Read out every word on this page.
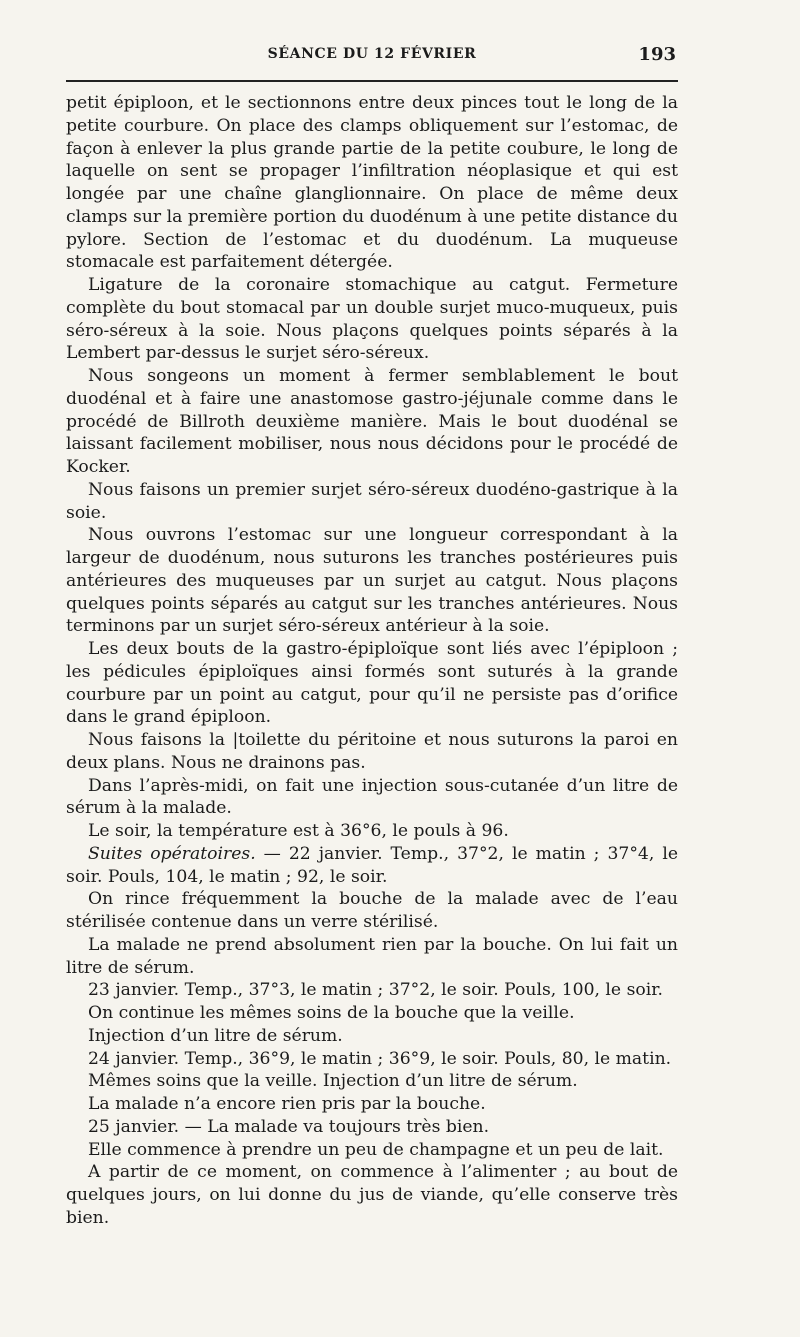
SÉANCE DU 12 FÉVRIER	193

petit épiploon, et le sectionnons entre deux pinces tout le long de la petite courbure. On place des clamps obliquement sur l’estomac, de façon à enlever la plus grande partie de la petite coubure, le long de laquelle on sent se propager l’infiltration néoplasique et qui est longée par une chaîne glanglionnaire. On place de même deux clamps sur la première portion du duodénum à une petite distance du pylore. Section de l’estomac et du duodénum. La muqueuse stomacale est parfaitement détergée.

Ligature de la coronaire stomachique au catgut. Fermeture complète du bout stomacal par un double surjet muco-muqueux, puis séro-séreux à la soie. Nous plaçons quelques points séparés à la Lembert par-dessus le surjet séro-séreux.

Nous songeons un moment à fermer semblablement le bout duodénal et à faire une anastomose gastro-jéjunale comme dans le procédé de Billroth deuxième manière. Mais le bout duodénal se laissant facilement mobiliser, nous nous décidons pour le procédé de Kocker.

Nous faisons un premier surjet séro-séreux duodéno-gastrique à la soie.

Nous ouvrons l’estomac sur une longueur correspondant à la largeur de duodénum, nous suturons les tranches postérieures puis antérieures des muqueuses par un surjet au catgut. Nous plaçons quelques points séparés au catgut sur les tranches antérieures. Nous terminons par un surjet séro-séreux antérieur à la soie.

Les deux bouts de la gastro-épiploïque sont liés avec l’épiploon ; les pédicules épiploïques ainsi formés sont suturés à la grande courbure par un point au catgut, pour qu’il ne persiste pas d’orifice dans le grand épiploon.

Nous faisons la |toilette du péritoine et nous suturons la paroi en deux plans. Nous ne drainons pas.

Dans l’après-midi, on fait une injection sous-cutanée d’un litre de sérum à la malade.

Le soir, la température est à 36°6, le pouls à 96.

Suites opératoires. — 22 janvier. Temp., 37°2, le matin ; 37°4, le soir. Pouls, 104, le matin ; 92, le soir.

On rince fréquemment la bouche de la malade avec de l’eau stérilisée contenue dans un verre stérilisé.

La malade ne prend absolument rien par la bouche. On lui fait un litre de sérum.

23 janvier. Temp., 37°3, le matin ; 37°2, le soir. Pouls, 100, le soir.

On continue les mêmes soins de la bouche que la veille.

Injection d’un litre de sérum.

24 janvier. Temp., 36°9, le matin ; 36°9, le soir. Pouls, 80, le matin.

Mêmes soins que la veille. Injection d’un litre de sérum.

La malade n’a encore rien pris par la bouche.

25 janvier. — La malade va toujours très bien.

Elle commence à prendre un peu de champagne et un peu de lait.

A partir de ce moment, on commence à l’alimenter ; au bout de quelques jours, on lui donne du jus de viande, qu’elle conserve très bien.
